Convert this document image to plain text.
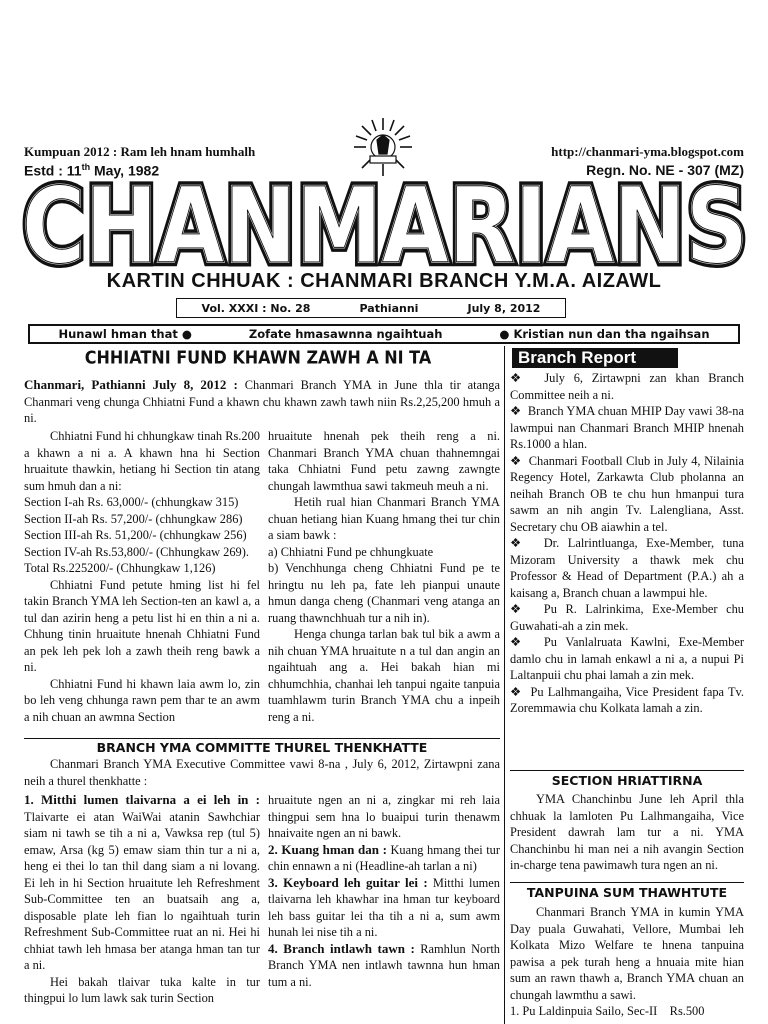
Kumpuan 2012 : Ram leh hnam humhalh
Estd : 11th May, 1982
http://chanmari-yma.blogspot.com
Regn. No. NE - 307 (MZ)
CHANMARIANS
CHANMARIANS
CHANMARIANS
KARTIN CHHUAK : CHANMARI BRANCH Y.M.A. AIZAWL
Vol. XXXI : No. 28	Pathianni	July 8, 2012
Hunawl hman that ●	Zofate hmasawnna ngaihtuah	● Kristian nun dan tha ngaihsan
CHHIATNI FUND KHAWN ZAWH A NI TA
Chanmari, Pathianni July 8, 2012 : Chanmari Branch YMA in June thla tir atanga Chanmari veng chunga Chhiatni Fund a khawn chu khawn zawh tawh niin Rs.2,25,200 hmuh a ni.

Chhiatni Fund hi chhungkaw tinah Rs.200 a khawn a ni a. A khawn hna hi Section hruaitute thawkin, hetiang hi Section tin atang sum hmuh dan a ni:

Section I-ah Rs. 63,000/- (chhungkaw 315)

Section II-ah Rs. 57,200/- (chhungkaw 286)

Section III-ah Rs. 51,200/- (chhungkaw 256)

Section IV-ah Rs.53,800/- (Chhungkaw 269).

Total Rs.225200/- (Chhungkaw 1,126)

Chhiatni Fund petute hming list hi fel takin Branch YMA leh Section-ten an kawl a, a tul dan azirin heng a petu list hi en thin a ni a. Chhung tinin hruaitute hnenah Chhiatni Fund an pek leh pek loh a zawh theih reng bawk a ni.

Chhiatni Fund hi khawn laia awm lo, zin bo leh veng chhunga rawn pem thar te an awm a nih chuan an awmna Section

hruaitute hnenah pek theih reng a ni. Chanmari Branch YMA chuan thahnemngai taka Chhiatni Fund petu zawng zawngte chungah lawmthua sawi takmeuh meuh a ni.

Hetih rual hian Chanmari Branch YMA chuan hetiang hian Kuang hmang thei tur chin a siam bawk :

a) Chhiatni Fund pe chhungkuate

b) Venchhunga cheng Chhiatni Fund pe te hringtu nu leh pa, fate leh pianpui unaute hmun danga cheng (Chanmari veng atanga an ruang thawnchhuah tur a nih in).

Henga chunga tarlan bak tul bik a awm a nih chuan YMA hruaitute n a tul dan angin an ngaihtuah ang a. Hei bakah hian mi chhumchhia, chanhai leh tanpui ngaite tanpuia tuamhlawm turin Branch YMA chu a inpeih reng a ni.

BRANCH YMA COMMITTE THUREL THENKHATTE

Chanmari Branch YMA Executive Committee vawi 8-na , July 6, 2012, Zirtawpni zana neih a thurel thenkhatte :

1. Mitthi lumen tlaivarna a ei leh in : Tlaivarte ei atan WaiWai atanin Sawhchiar siam ni tawh se tih a ni a, Vawksa rep (tul 5) emaw, Arsa (kg 5) emaw siam thin tur a ni a, heng ei thei lo tan thil dang siam a ni lovang. Ei leh in hi Section hruaitute leh Refreshment Sub-Committee ten an buatsaih ang a, disposable plate leh fian lo ngaihtuah turin Refreshment Sub-Committee ruat an ni. Hei hi chhiat tawh leh hmasa ber atanga hman tan tur a ni.

Hei bakah tlaivar tuka kalte in tur thingpui lo lum lawk sak turin Section

hruaitute ngen an ni a, zingkar mi reh laia thingpui sem hna lo buaipui turin thenawm hnaivaite ngen an ni bawk.

2. Kuang hman dan : Kuang hmang thei tur chin ennawn a ni (Headline-ah tarlan a ni)

3. Keyboard leh guitar lei : Mitthi lumen tlaivarna leh khawhar ina hman tur keyboard leh bass guitar lei tha tih a ni a, sum awm hunah lei nise tih a ni.

4. Branch intlawh tawn : Ramhlun North Branch YMA nen intlawh tawnna hun hman tum a ni.

Branch Report

❖ July 6, Zirtawpni zan khan Branch Committee neih a ni.

❖ Branch YMA chuan MHIP Day vawi 38-na lawmpui nan Chanmari Branch MHIP hnenah Rs.1000 a hlan.

❖ Chanmari Football Club in July 4, Nilainia Regency Hotel, Zarkawta Club pholanna an neihah Branch OB te chu hun hmanpui tura sawm an nih angin Tv. Lalengliana, Asst. Secretary chu OB aiawhin a tel.

❖ Dr. Lalrintluanga, Exe-Member, tuna Mizoram University a thawk mek chu Professor & Head of Department (P.A.) ah a kaisang a, Branch chuan a lawmpui hle.

❖ Pu R. Lalrinkima, Exe-Member chu Guwahati-ah a zin mek.

❖ Pu Vanlalruata Kawlni, Exe-Member damlo chu in lamah enkawl a ni a, a nupui Pi Laltanpuii chu phai lamah a zin mek.

❖ Pu Lalhmangaiha, Vice President fapa Tv. Zoremmawia chu Kolkata lamah a zin.

SECTION HRIATTIRNA

YMA Chanchinbu June leh April thla chhuak la lamloten Pu Lalhmangaiha, Vice President dawrah lam tur a ni. YMA Chanchinbu hi man nei a nih avangin Section in-charge tena pawimawh tura ngen an ni.

TANPUINA SUM THAWHTUTE

Chanmari Branch YMA in kumin YMA Day puala Guwahati, Vellore, Mumbai leh Kolkata Mizo Welfare te hnena tanpuina pawisa a pek turah heng a hnuaia mite hian sum an rawn thawh a, Branch YMA chuan an chungah lawmthu a sawi.

1. Pu Laldinpuia Sailo, Sec-II    Rs.500
